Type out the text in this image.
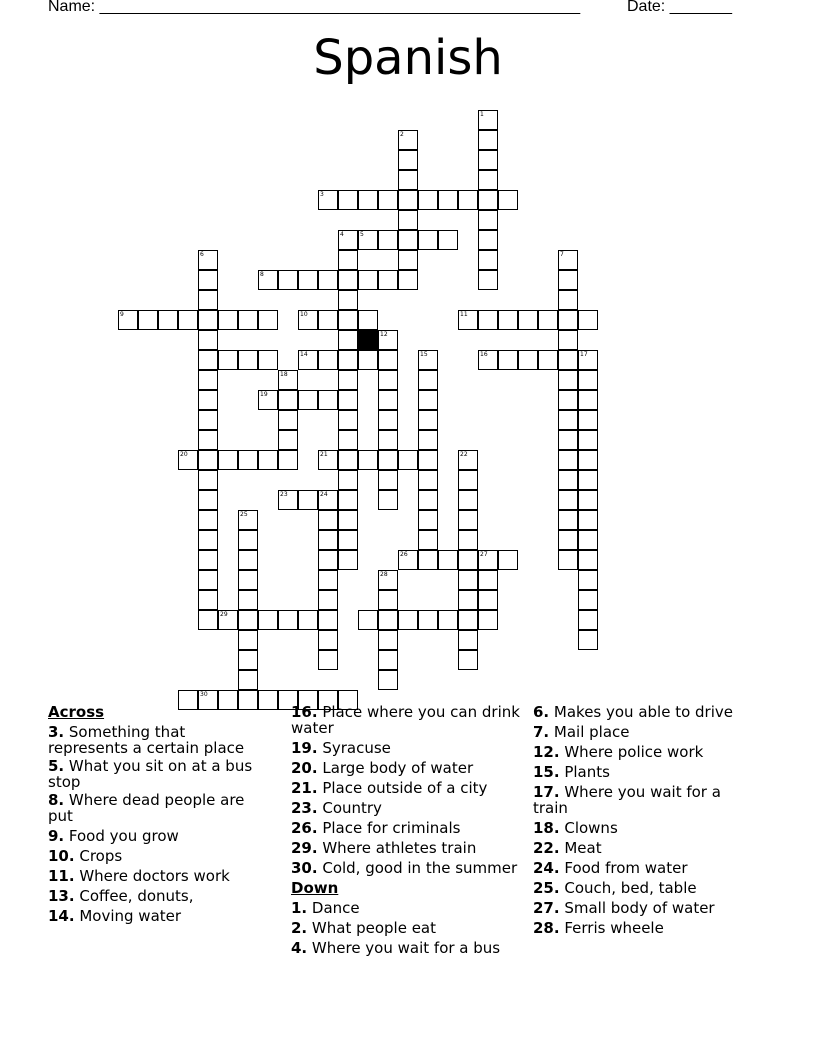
Name: ______________________________________________________	Date: _______
Spanish
1
2
3
4	5
6	7
8
9	10	11
12
14	15	16	17
18
19
20	21	22
23	24
25
26	27
28
29
30
Across
3. Something that represents a certain place
5. What you sit on at a bus stop
8. Where dead people are put
9. Food you grow
10. Crops
11. Where doctors work
13. Coffee, donuts,
14. Moving water
16. Place where you can drink water
19. Syracuse
20. Large body of water
21. Place outside of a city
23. Country
26. Place for criminals
29. Where athletes train
30. Cold, good in the summer
Down
1. Dance
2. What people eat
4. Where you wait for a bus
6. Makes you able to drive
7. Mail place
12. Where police work
15. Plants
17. Where you wait for a train
18. Clowns
22. Meat
24. Food from water
25. Couch, bed, table
27. Small body of water
28. Ferris wheele
